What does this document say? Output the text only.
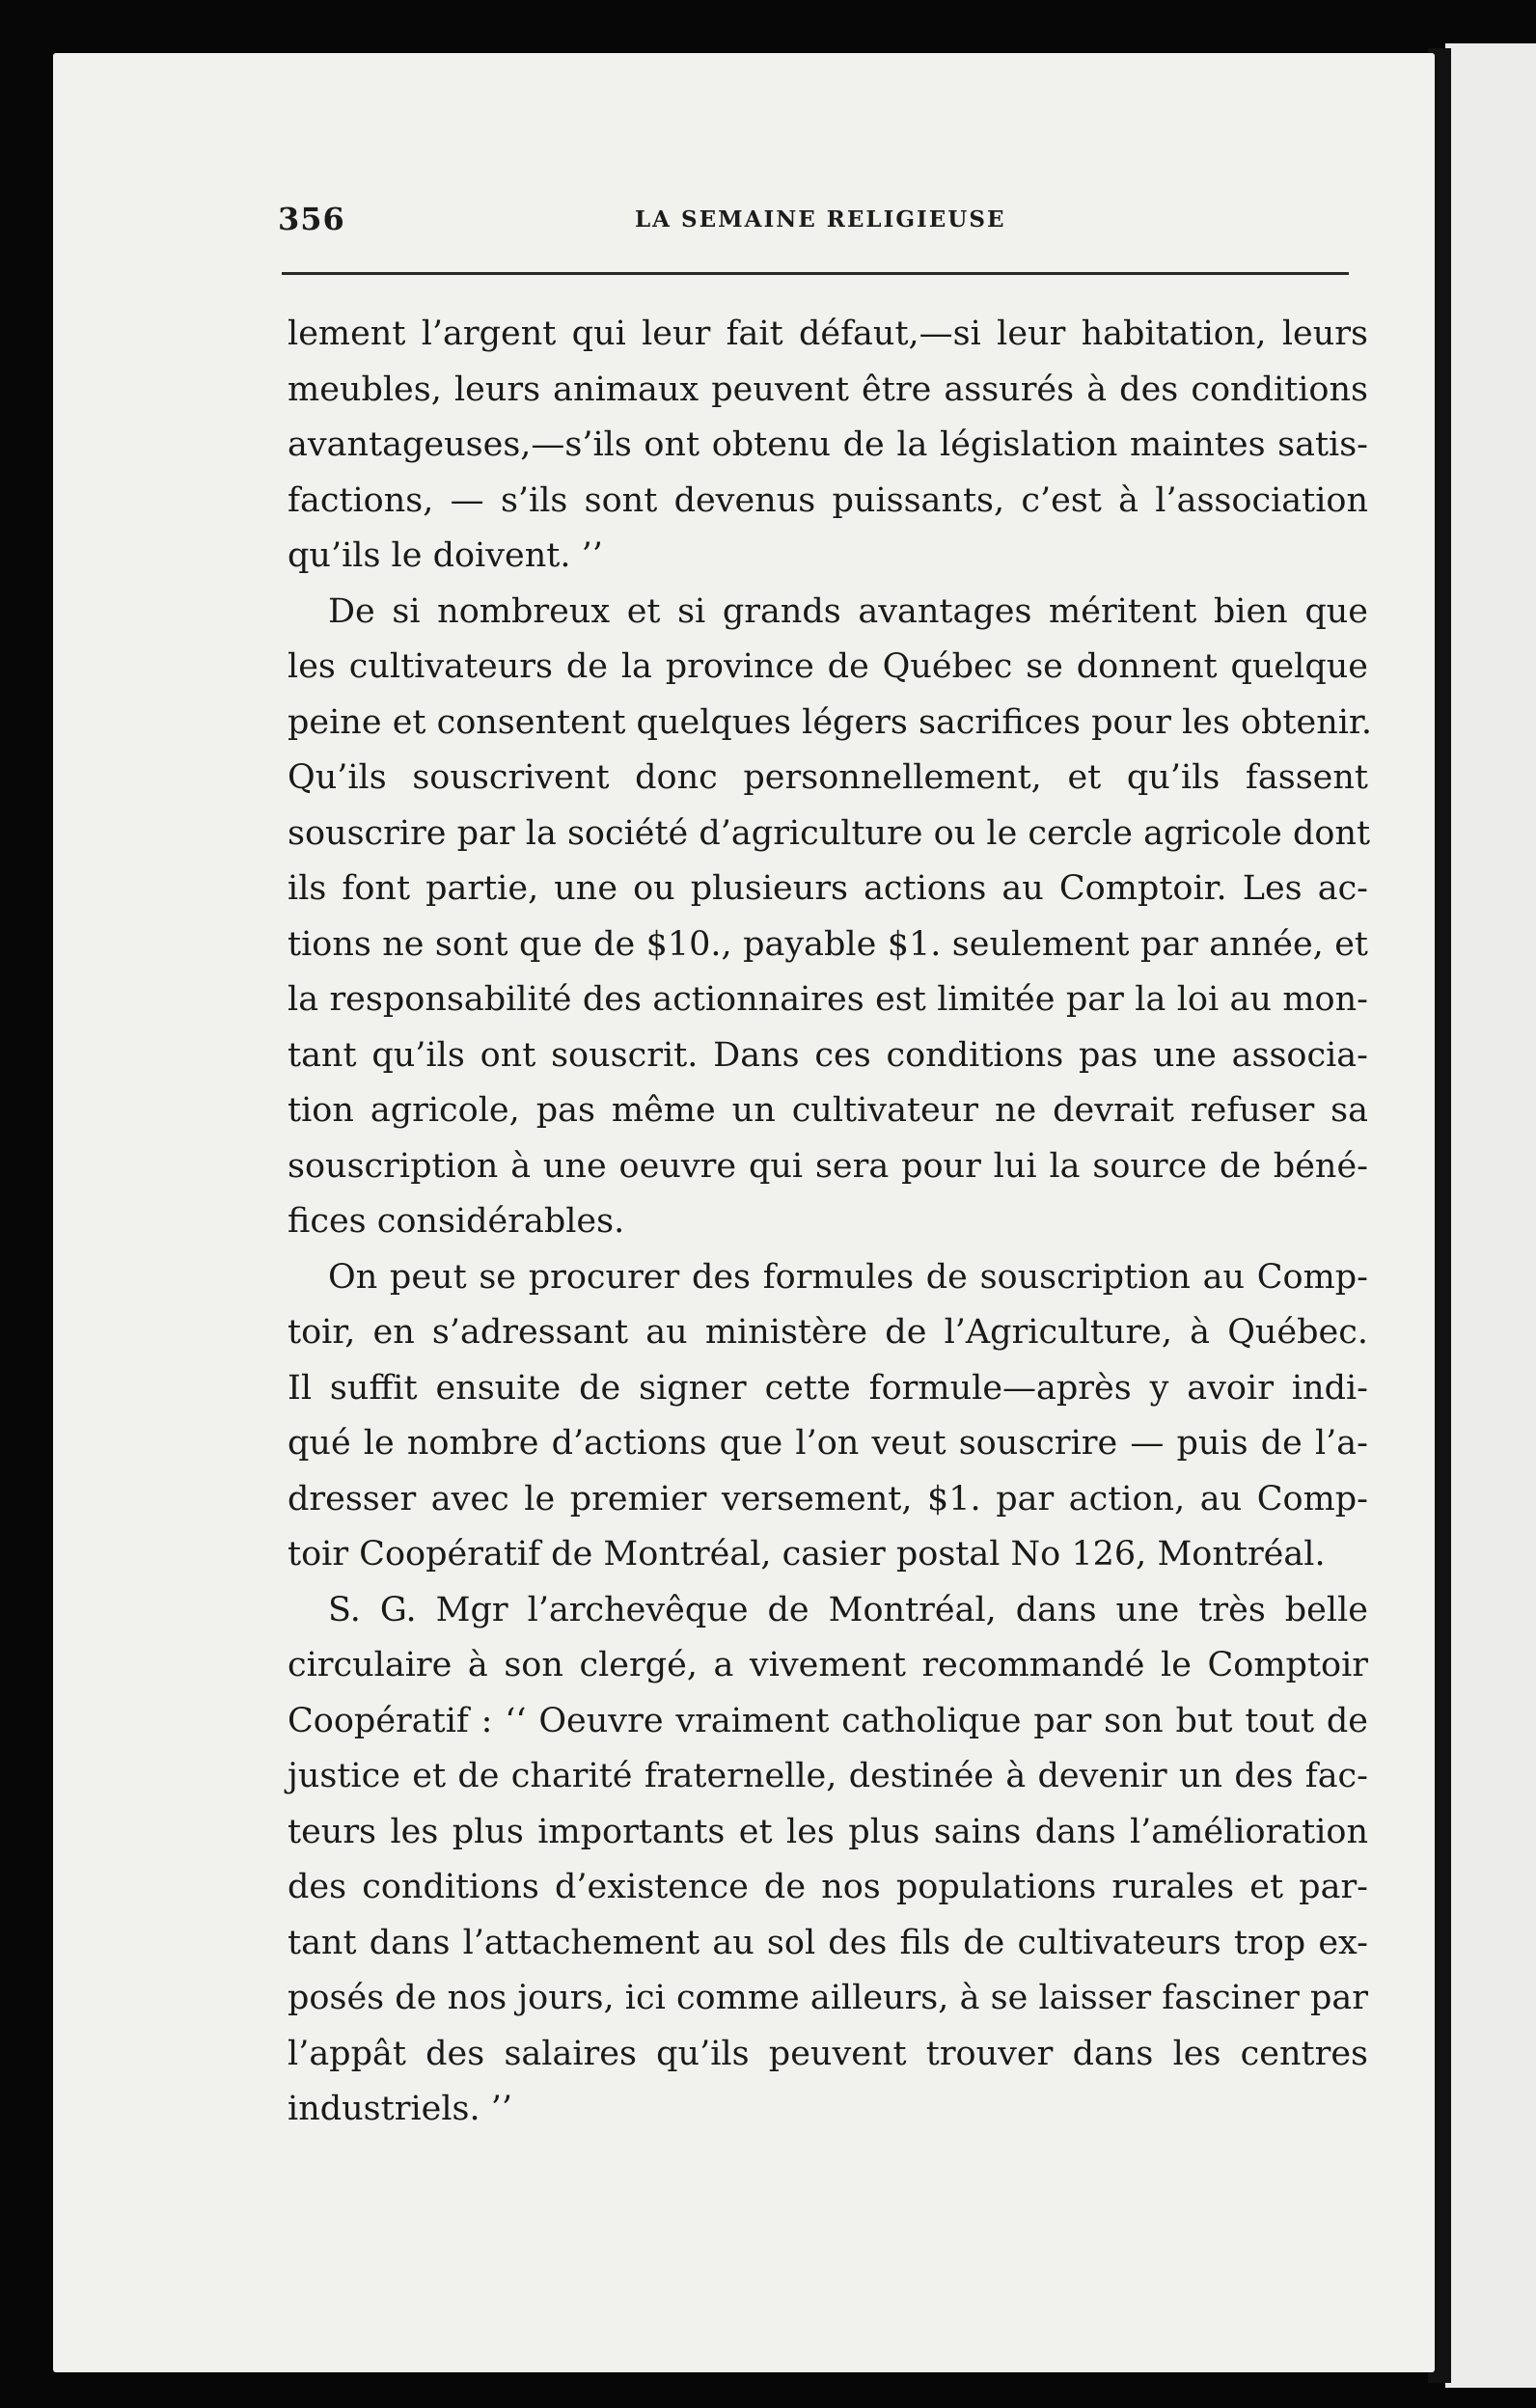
356	LA SEMAINE RELIGIEUSE
lement l’argent qui leur fait défaut,—si leur habitation, leurs
meubles, leurs animaux peuvent être assurés à des conditions
avantageuses,—s’ils ont obtenu de la législation maintes satis-
factions, — s’ils sont devenus puissants, c’est à l’association
qu’ils le doivent. ’’
De si nombreux et si grands avantages méritent bien que
les cultivateurs de la province de Québec se donnent quelque
peine et consentent quelques légers sacrifices pour les obtenir.
Qu’ils souscrivent donc personnellement, et qu’ils fassent
souscrire par la société d’agriculture ou le cercle agricole dont
ils font partie, une ou plusieurs actions au Comptoir. Les ac-
tions ne sont que de $10., payable $1. seulement par année, et
la responsabilité des actionnaires est limitée par la loi au mon-
tant qu’ils ont souscrit. Dans ces conditions pas une associa-
tion agricole, pas même un cultivateur ne devrait refuser sa
souscription à une oeuvre qui sera pour lui la source de béné-
fices considérables.
On peut se procurer des formules de souscription au Comp-
toir, en s’adressant au ministère de l’Agriculture, à Québec.
Il suffit ensuite de signer cette formule—après y avoir indi-
qué le nombre d’actions que l’on veut souscrire — puis de l’a-
dresser avec le premier versement, $1. par action, au Comp-
toir Coopératif de Montréal, casier postal No 126, Montréal.
S. G. Mgr l’archevêque de Montréal, dans une très belle
circulaire à son clergé, a vivement recommandé le Comptoir
Coopératif : ‘‘ Oeuvre vraiment catholique par son but tout de
justice et de charité fraternelle, destinée à devenir un des fac-
teurs les plus importants et les plus sains dans l’amélioration
des conditions d’existence de nos populations rurales et par-
tant dans l’attachement au sol des fils de cultivateurs trop ex-
posés de nos jours, ici comme ailleurs, à se laisser fasciner par
l’appât des salaires qu’ils peuvent trouver dans les centres
industriels. ’’
